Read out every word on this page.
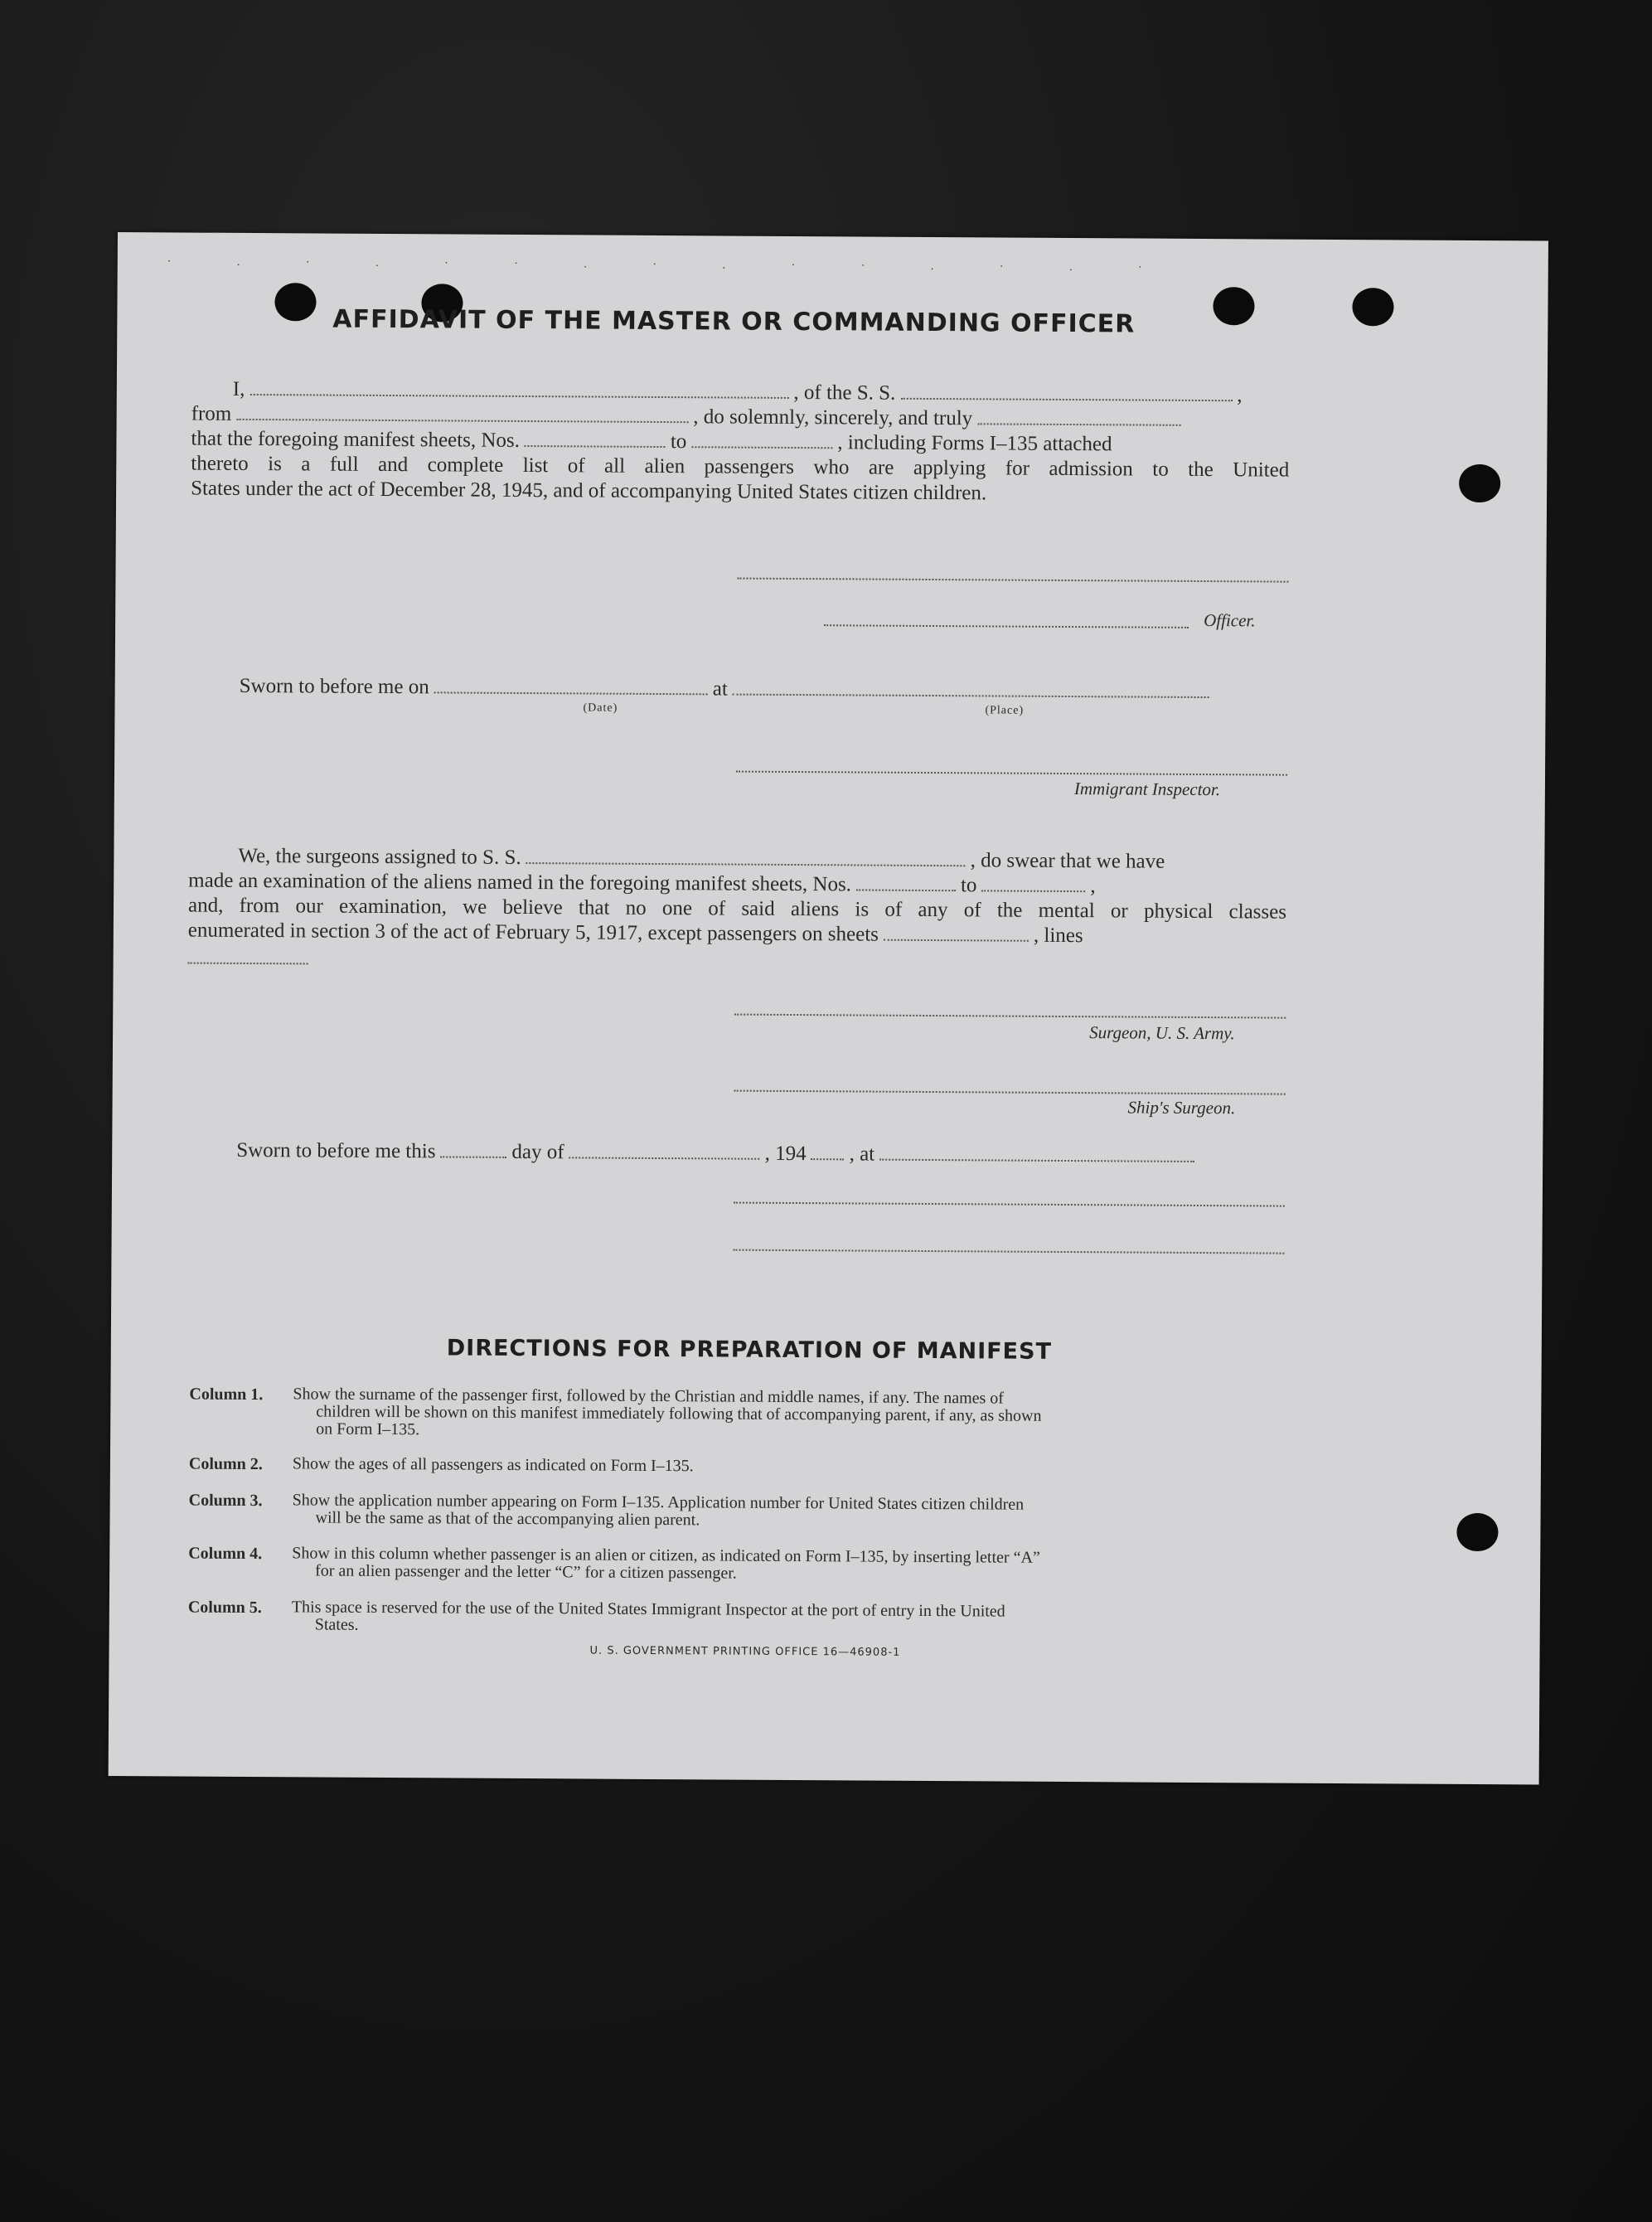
· . · . · · . · . · · . · . ·
AFFIDAVIT OF THE MASTER OR COMMANDING OFFICER
I,	, of the S. S.	,
from	, do solemnly, sincerely, and truly
that the foregoing manifest sheets, Nos.	to	, including Forms I–135 attached
thereto is a full and complete list of all alien passengers who are applying for admission to the United
States under the act of December 28, 1945, and of accompanying United States citizen children.
Officer.
Sworn to before me on	at
(Date)	(Place)
Immigrant Inspector.
We, the surgeons assigned to S. S.	, do swear that we have
made an examination of the aliens named in the foregoing manifest sheets, Nos.	to	,
and, from our examination, we believe that no one of said aliens is of any of the mental or physical classes
enumerated in section 3 of the act of February 5, 1917, except passengers on sheets	, lines
Surgeon, U. S. Army.
Ship's Surgeon.
Sworn to before me this	day of	, 194 , at
DIRECTIONS FOR PREPARATION OF MANIFEST
Column 1.	Show the surname of the passenger first, followed by the Christian and middle names, if any. The names of
children will be shown on this manifest immediately following that of accompanying parent, if any, as shown
on Form I–135.
Column 2.	Show the ages of all passengers as indicated on Form I–135.
Column 3.	Show the application number appearing on Form I–135. Application number for United States citizen children
will be the same as that of the accompanying alien parent.
Column 4.	Show in this column whether passenger is an alien or citizen, as indicated on Form I–135, by inserting letter “A”
for an alien passenger and the letter “C” for a citizen passenger.
Column 5.	This space is reserved for the use of the United States Immigrant Inspector at the port of entry in the United
States.
U. S. GOVERNMENT PRINTING OFFICE 16—46908-1
